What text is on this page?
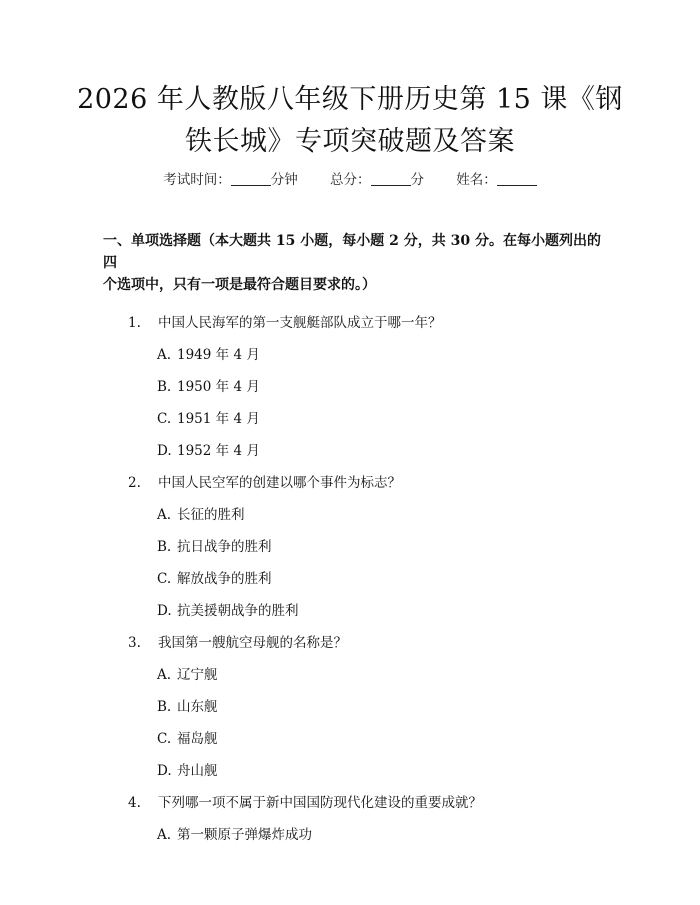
2026 年人教版八年级下册历史第 15 课《钢
铁长城》专项突破题及答案
考试时间：	分钟 总分：	分 姓名：
一、单项选择题（本大题共 15 小题，每小题 2 分，共 30 分。在每小题列出的四
个选项中，只有一项是最符合题目要求的。）
1. 中国人民海军的第一支舰艇部队成立于哪一年？
A. 1949 年 4 月
B. 1950 年 4 月
C. 1951 年 4 月
D. 1952 年 4 月
2. 中国人民空军的创建以哪个事件为标志？
A. 长征的胜利
B. 抗日战争的胜利
C. 解放战争的胜利
D. 抗美援朝战争的胜利
3. 我国第一艘航空母舰的名称是？
A. 辽宁舰
B. 山东舰
C. 福岛舰
D. 舟山舰
4. 下列哪一项不属于新中国国防现代化建设的重要成就？
A. 第一颗原子弹爆炸成功
